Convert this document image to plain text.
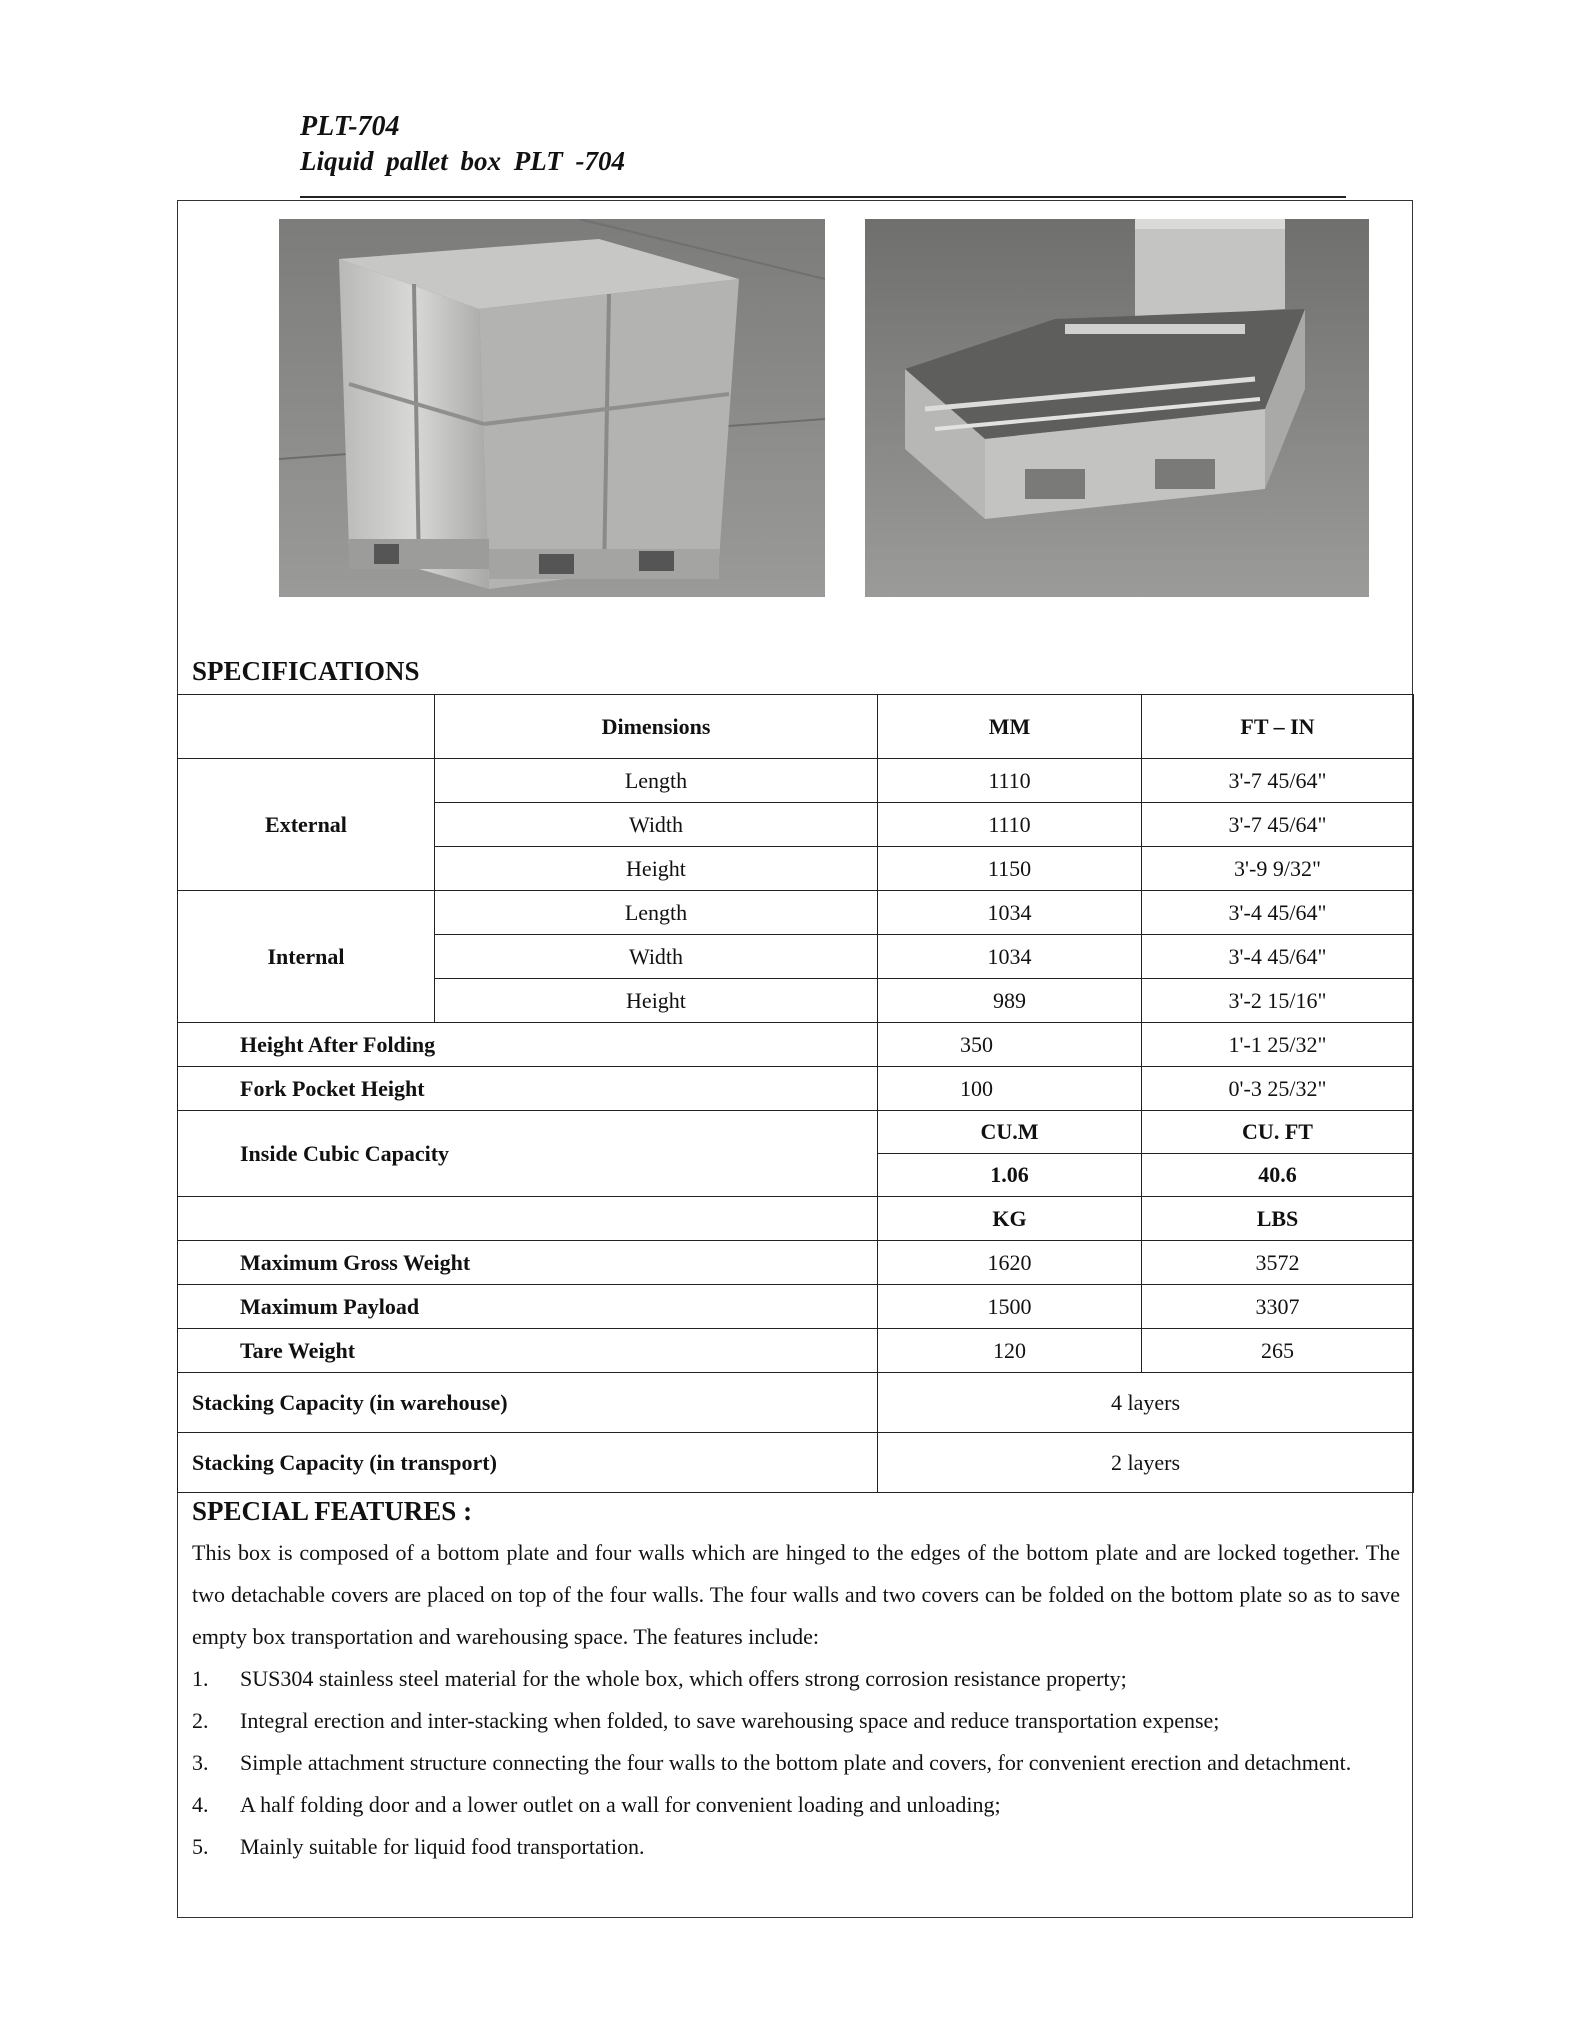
PLT-704
Liquid pallet box PLT -704
SPECIFICATIONS
	Dimensions	MM	FT – IN
External	Length	1110	3'-7 45/64"
	Width	1110	3'-7 45/64"
	Height	1150	3'-9 9/32"
Internal	Length	1034	3'-4 45/64"
	Width	1034	3'-4 45/64"
	Height	989	3'-2 15/16"
Height After Folding		350	1'-1 25/32"
Fork Pocket Height		100	0'-3 25/32"
Inside Cubic Capacity		CU.M	CU. FT
		1.06	40.6
		KG	LBS
Maximum Gross Weight		1620	3572
Maximum Payload		1500	3307
Tare Weight		120	265
Stacking Capacity (in warehouse)		4 layers	
Stacking Capacity (in transport)		2 layers	
SPECIAL FEATURES :

This box is composed of a bottom plate and four walls which are hinged to the edges of the bottom plate and are locked together. The two detachable covers are placed on top of the four walls. The four walls and two covers can be folded on the bottom plate so as to save empty box transportation and warehousing space. The features include:

1.	SUS304 stainless steel material for the whole box, which offers strong corrosion resistance property;
2.	Integral erection and inter-stacking when folded, to save warehousing space and reduce transportation expense;
3.	Simple attachment structure connecting the four walls to the bottom plate and covers, for convenient erection and detachment.
4.	A half folding door and a lower outlet on a wall for convenient loading and unloading;
5.	Mainly suitable for liquid food transportation.
